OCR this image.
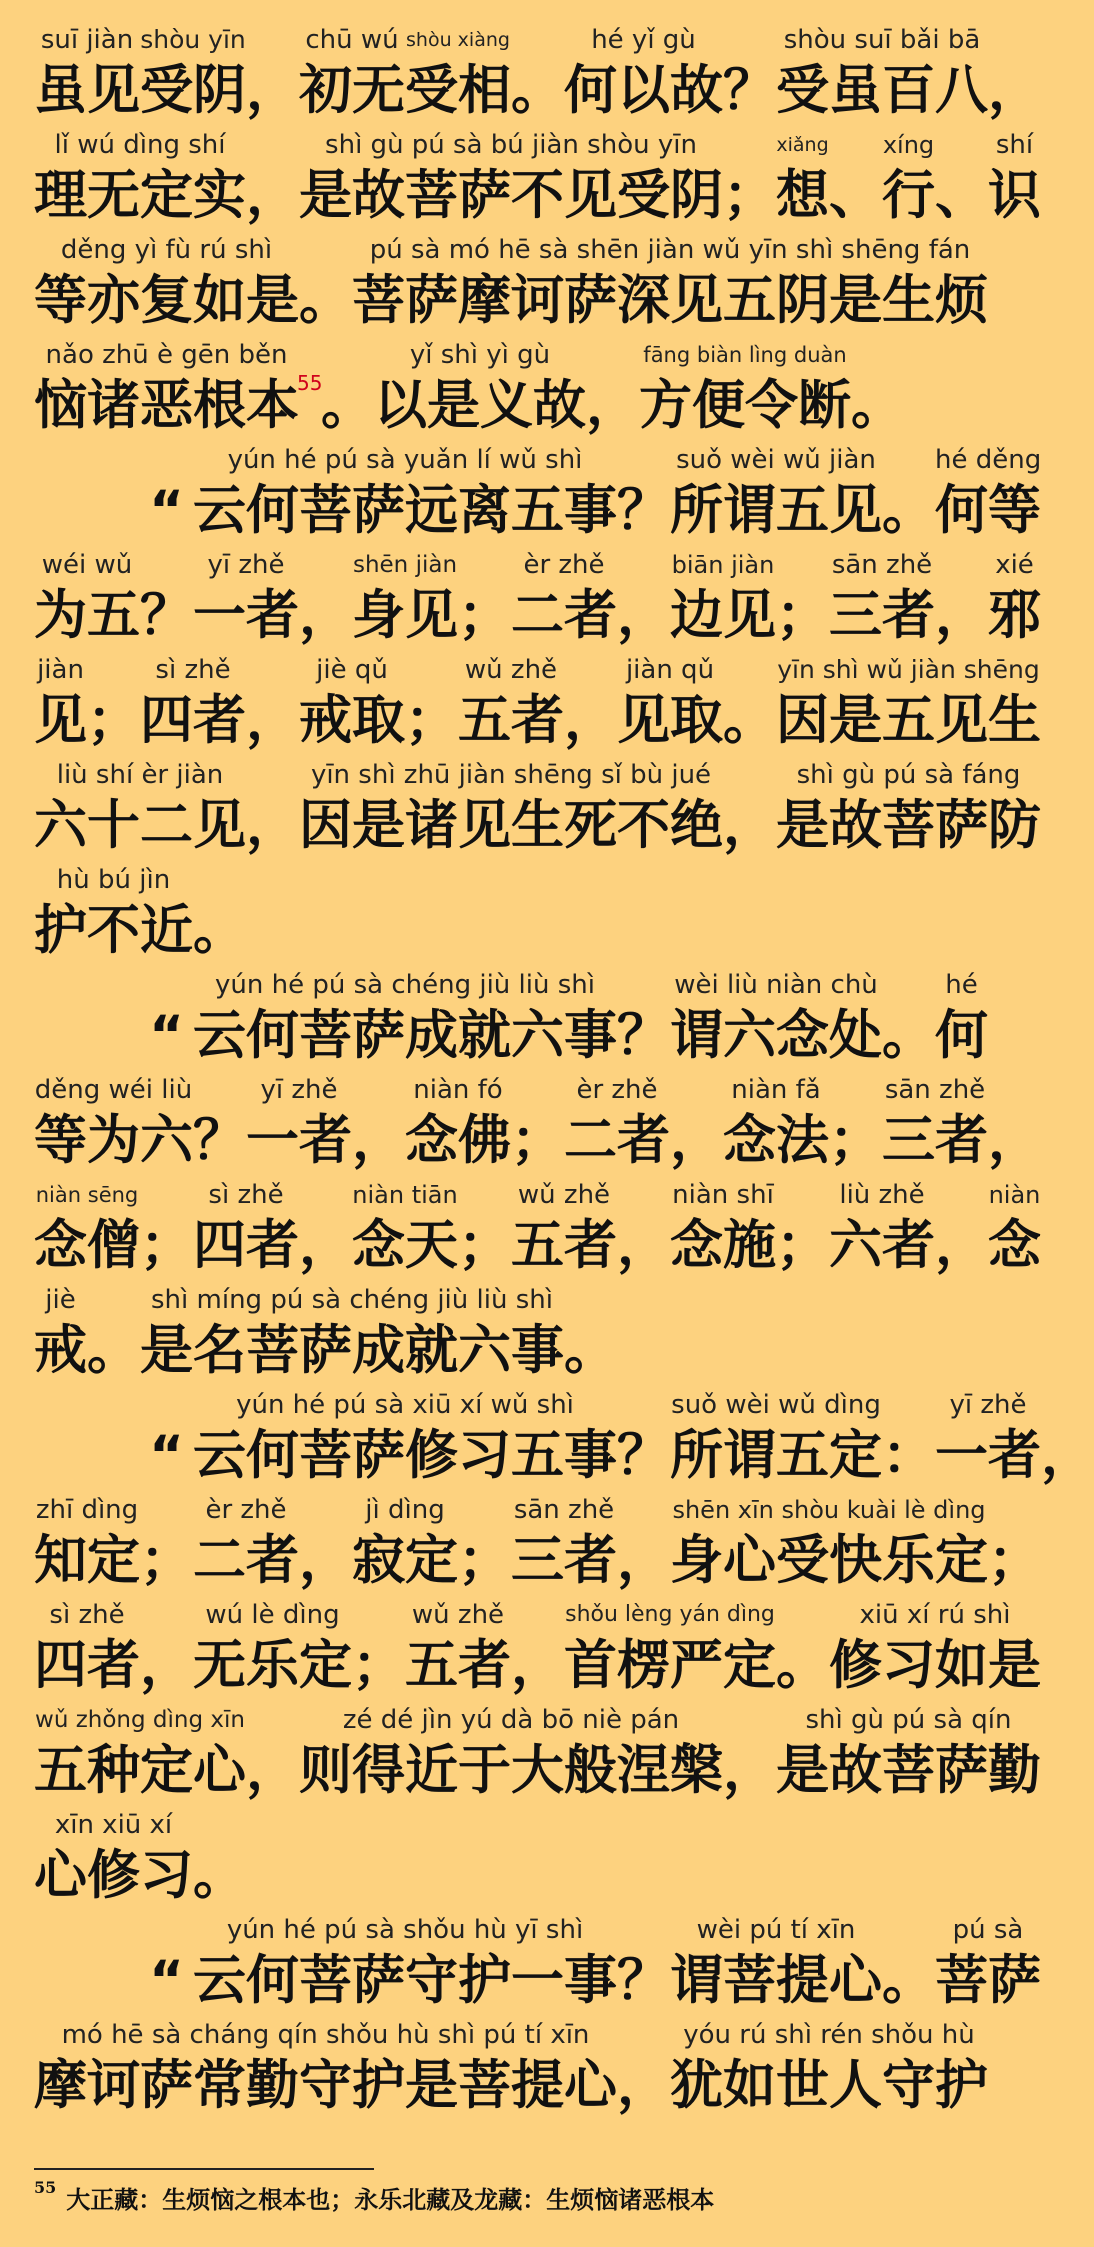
suī jiàn
虽见
shòu yīn
受阴 ，
chū wú
初无
shòu xiàng
受相 。
hé yǐ gù
何以故 ？
shòu suī bǎi bā
受虽百八 ，
lǐ wú dìng shí
理无定实 ，
shì gù pú sà bú jiàn shòu yīn
是故菩萨不见受阴 ；
xiǎng
想 、
xíng
行 、
shí
识
děng yì fù rú shì
等亦复如是 。
pú sà mó hē sà shēn jiàn wǔ yīn shì shēng fán
菩萨摩诃萨深见五阴是生烦
nǎo zhū è gēn běn
恼诸恶根本
55
。
yǐ shì yì gù
以是义故 ，
fāng biàn lìng duàn
方便令断 。
“
yún hé pú sà yuǎn lí wǔ shì
云何菩萨远离五事 ？
suǒ wèi wǔ jiàn
所谓五见 。
hé děng
何等
wéi wǔ
为五 ？
yī zhě
一者 ，
shēn jiàn
身见 ；
èr zhě
二者 ，
biān jiàn
边见 ；
sān zhě
三者 ，
xié
邪
jiàn
见 ；
sì zhě
四者 ，
jiè qǔ
戒取 ；
wǔ zhě
五者 ，
jiàn qǔ
见取 。
yīn shì wǔ jiàn shēng
因是五见生
liù shí èr jiàn
六十二见 ，
yīn shì zhū jiàn shēng sǐ bù jué
因是诸见生死不绝 ，
shì gù pú sà fáng
是故菩萨防
hù bú jìn
护不近 。
“
yún hé pú sà chéng jiù liù shì
云何菩萨成就六事 ？
wèi liù niàn chù
谓六念处 。
hé
何
děng wéi liù
等为六 ？
yī zhě
一者 ，
niàn fó
念佛 ；
èr zhě
二者 ，
niàn fǎ
念法 ；
sān zhě
三者 ，
niàn sēng
念僧 ；
sì zhě
四者 ，
niàn tiān
念天 ；
wǔ zhě
五者 ，
niàn shī
念施 ；
liù zhě
六者 ，
niàn
念
jiè
戒 。
shì míng pú sà chéng jiù liù shì
是名菩萨成就六事 。
“
yún hé pú sà xiū xí wǔ shì
云何菩萨修习五事 ？
suǒ wèi wǔ dìng
所谓五定 ：
yī zhě
一者 ，
zhī dìng
知定 ；
èr zhě
二者 ，
jì dìng
寂定 ；
sān zhě
三者 ，
shēn xīn shòu kuài lè dìng
身心受快乐定 ；
sì zhě
四者 ，
wú lè dìng
无乐定 ；
wǔ zhě
五者 ，
shǒu lèng yán dìng
首楞严定 。
xiū xí rú shì
修习如是
wǔ zhǒng dìng xīn
五种定心 ，
zé dé jìn yú dà bō niè pán
则得近于大般涅槃 ，
shì gù pú sà qín
是故菩萨勤
xīn xiū xí
心修习 。
“
yún hé pú sà shǒu hù yī shì
云何菩萨守护一事 ？
wèi pú tí xīn
谓菩提心 。
pú sà
菩萨
mó hē sà cháng qín shǒu hù shì pú tí xīn
摩诃萨常勤守护是菩提心 ，
yóu rú shì rén shǒu hù
犹如世人守护
$^{55}$ 大正藏：生烦恼之根本也；永乐北藏及龙藏：生烦恼诸恶根本
